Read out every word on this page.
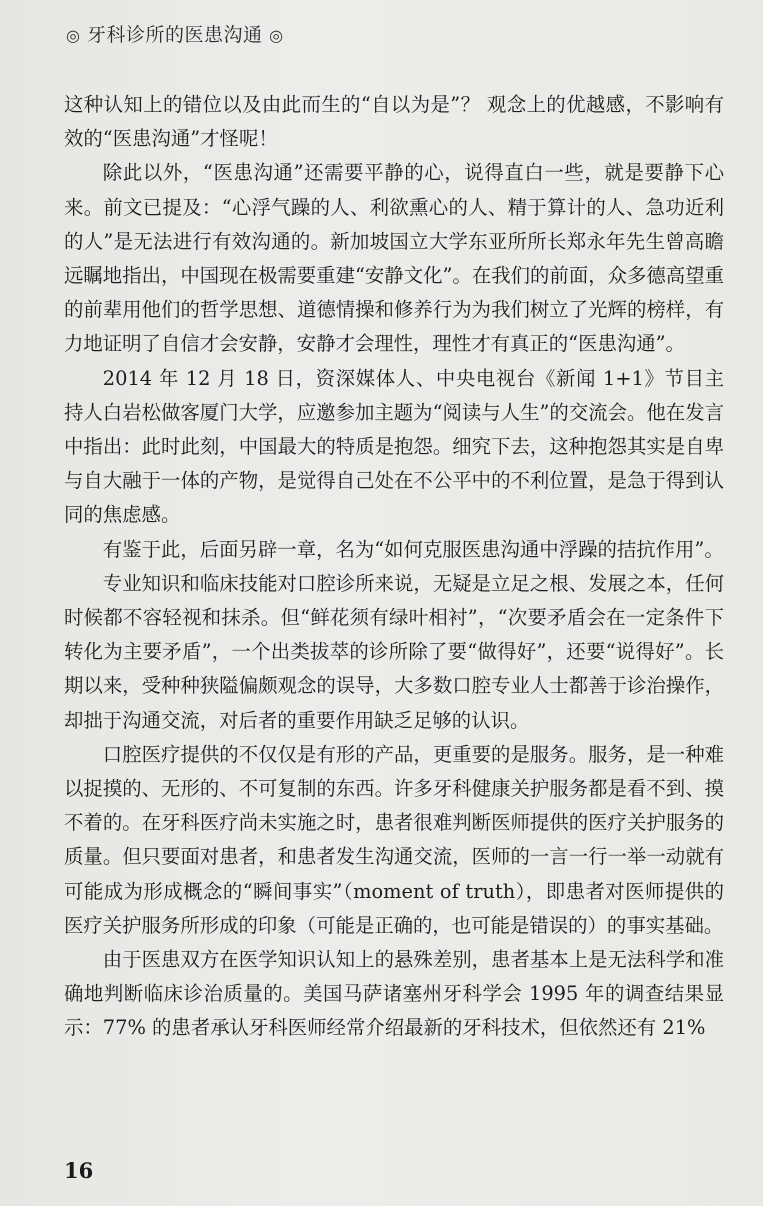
◎ 牙科诊所的医患沟通 ◎

这种认知上的错位以及由此而生的“自以为是”？ 观念上的优越感，不影响有效的“医患沟通”才怪呢！

除此以外，“医患沟通”还需要平静的心，说得直白一些，就是要静下心来。前文已提及：“心浮气躁的人、利欲熏心的人、精于算计的人、急功近利的人”是无法进行有效沟通的。新加坡国立大学东亚所所长郑永年先生曾高瞻远瞩地指出，中国现在极需要重建“安静文化”。在我们的前面，众多德高望重的前辈用他们的哲学思想、道德情操和修养行为为我们树立了光辉的榜样，有力地证明了自信才会安静，安静才会理性，理性才有真正的“医患沟通”。

2014 年 12 月 18 日，资深媒体人、中央电视台《新闻 1+1》节目主持人白岩松做客厦门大学，应邀参加主题为“阅读与人生”的交流会。他在发言中指出：此时此刻，中国最大的特质是抱怨。细究下去，这种抱怨其实是自卑与自大融于一体的产物，是觉得自己处在不公平中的不利位置，是急于得到认同的焦虑感。

有鉴于此，后面另辟一章，名为“如何克服医患沟通中浮躁的拮抗作用”。

专业知识和临床技能对口腔诊所来说，无疑是立足之根、发展之本，任何时候都不容轻视和抹杀。但“鲜花须有绿叶相衬”，“次要矛盾会在一定条件下转化为主要矛盾”，一个出类拔萃的诊所除了要“做得好”，还要“说得好”。长期以来，受种种狭隘偏颇观念的误导，大多数口腔专业人士都善于诊治操作，却拙于沟通交流，对后者的重要作用缺乏足够的认识。

口腔医疗提供的不仅仅是有形的产品，更重要的是服务。服务，是一种难以捉摸的、无形的、不可复制的东西。许多牙科健康关护服务都是看不到、摸不着的。在牙科医疗尚未实施之时，患者很难判断医师提供的医疗关护服务的质量。但只要面对患者，和患者发生沟通交流，医师的一言一行一举一动就有可能成为形成概念的“瞬间事实”（moment of truth），即患者对医师提供的医疗关护服务所形成的印象（可能是正确的，也可能是错误的）的事实基础。

由于医患双方在医学知识认知上的悬殊差别，患者基本上是无法科学和准确地判断临床诊治质量的。美国马萨诸塞州牙科学会 1995 年的调查结果显示：77% 的患者承认牙科医师经常介绍最新的牙科技术，但依然还有 21%

16
